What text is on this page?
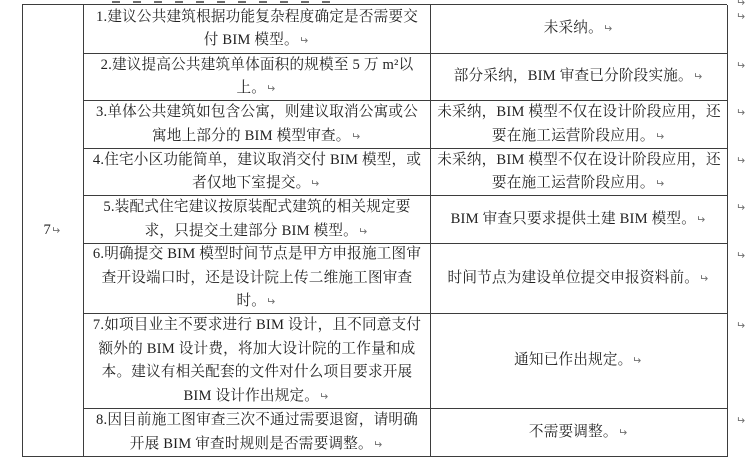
7↵
1.建议公共建筑根据功能复杂程度确定是否需要交付 BIM 模型。↵
未采纳。↵
2.建议提高公共建筑单体面积的规模至 5 万 m²以上。↵
部分采纳，BIM 审查已分阶段实施。↵
3.单体公共建筑如包含公寓，则建议取消公寓或公寓地上部分的 BIM 模型审查。↵
未采纳，BIM 模型不仅在设计阶段应用，还要在施工运营阶段应用。↵
4.住宅小区功能简单，建议取消交付 BIM 模型，或者仅地下室提交。↵
未采纳，BIM 模型不仅在设计阶段应用，还要在施工运营阶段应用。↵
5.装配式住宅建议按原装配式建筑的相关规定要求，只提交土建部分 BIM 模型。↵
BIM 审查只要求提供土建 BIM 模型。↵
6.明确提交 BIM 模型时间节点是甲方申报施工图审查开设端口时，还是设计院上传二维施工图审查时。↵
时间节点为建设单位提交申报资料前。↵
7.如项目业主不要求进行 BIM 设计，且不同意支付额外的 BIM 设计费，将加大设计院的工作量和成本。建议有相关配套的文件对什么项目要求开展 BIM 设计作出规定。↵
通知已作出规定。↵
8.因目前施工图审查三次不通过需要退窗，请明确开展 BIM 审查时规则是否需要调整。↵
不需要调整。↵
↵
↵
↵
↵
↵
↵
↵
↵
↵
